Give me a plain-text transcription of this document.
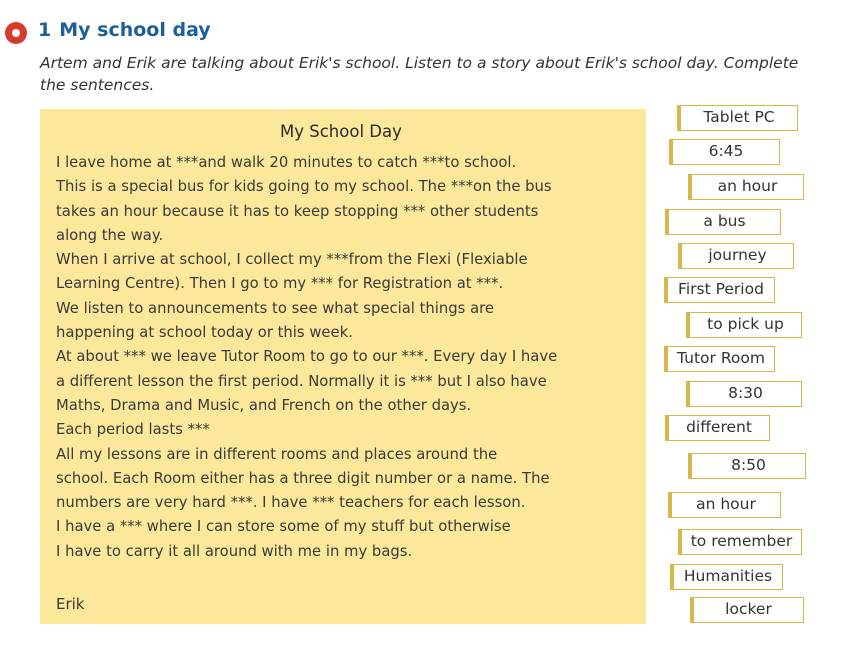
1 My school day
Artem and Erik are talking about Erik's school. Listen to a story about Erik's school day. Complete the sentences.
My School Day
I leave home at ***and walk 20 minutes to catch ***to school.
This is a special bus for kids going to my school. The ***on the bus
takes an hour because it has to keep stopping *** other students
along the way.
When I arrive at school, I collect my ***from the Flexi (Flexiable
Learning Centre). Then I go to my *** for Registration at ***.
We listen to announcements to see what special things are
happening at school today or this week.
At about *** we leave Tutor Room to go to our ***. Every day I have
a different lesson the first period. Normally it is *** but I also have
Maths, Drama and Music, and French on the other days.
Each period lasts ***
All my lessons are in different rooms and places around the
school. Each Room either has a three digit number or a name. The
numbers are very hard ***. I have *** teachers for each lesson.
I have a *** where I can store some of my stuff but otherwise
I have to carry it all around with me in my bags.
Erik
Tablet PC
6:45
an hour
a bus
journey
First Period
to pick up
Tutor Room
8:30
different
8:50
an hour
to remember
Humanities
locker
